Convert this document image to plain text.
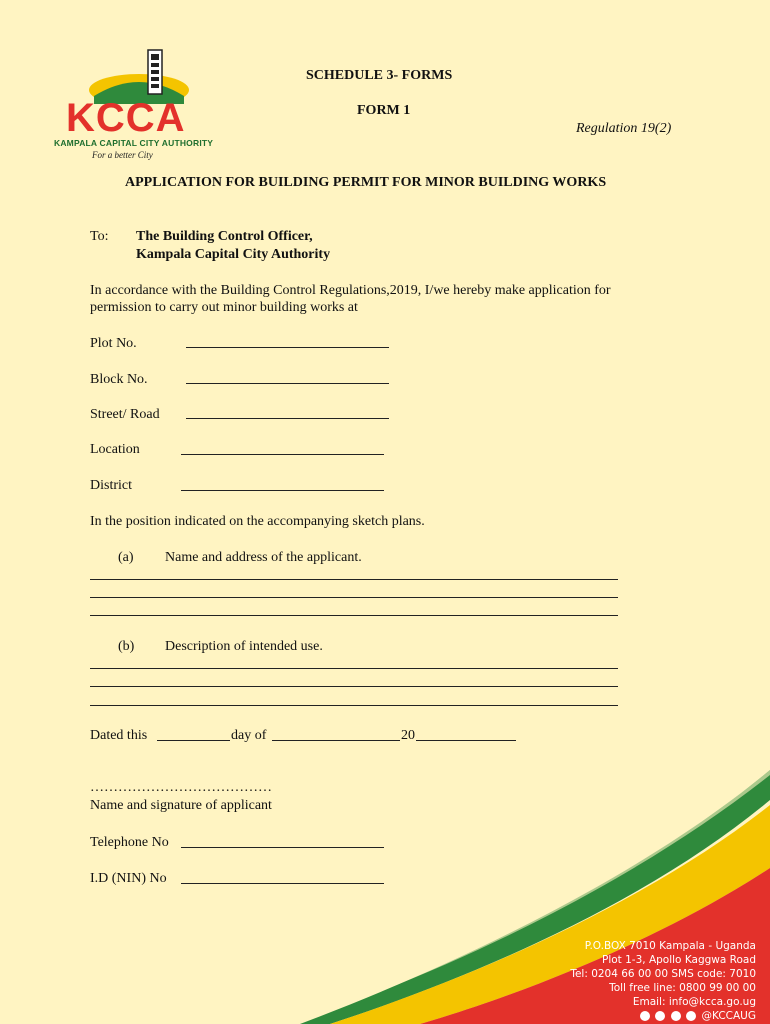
KCCA
KAMPALA CAPITAL CITY AUTHORITY
For a better City
SCHEDULE 3- FORMS
FORM 1
Regulation 19(2)
APPLICATION FOR BUILDING PERMIT FOR MINOR BUILDING WORKS
To: The Building Control Officer,
Kampala Capital City Authority
In accordance with the Building Control Regulations,2019, I/we hereby make application for
permission to carry out minor building works at
Plot No.
Block No.
Street/ Road
Location
District
In the position indicated on the accompanying sketch plans.
(a) Name and address of the applicant.
(b) Description of intended use.
Dated this	day of	20
…………………………………
Name and signature of applicant
Telephone No
I.D (NIN) No
P.O.BOX 7010 Kampala - Uganda
Plot 1-3, Apollo Kaggwa Road
Tel: 0204 66 00 00 SMS code: 7010
Toll free line: 0800 99 00 00
Email: info@kcca.go.ug
@KCCAUG
